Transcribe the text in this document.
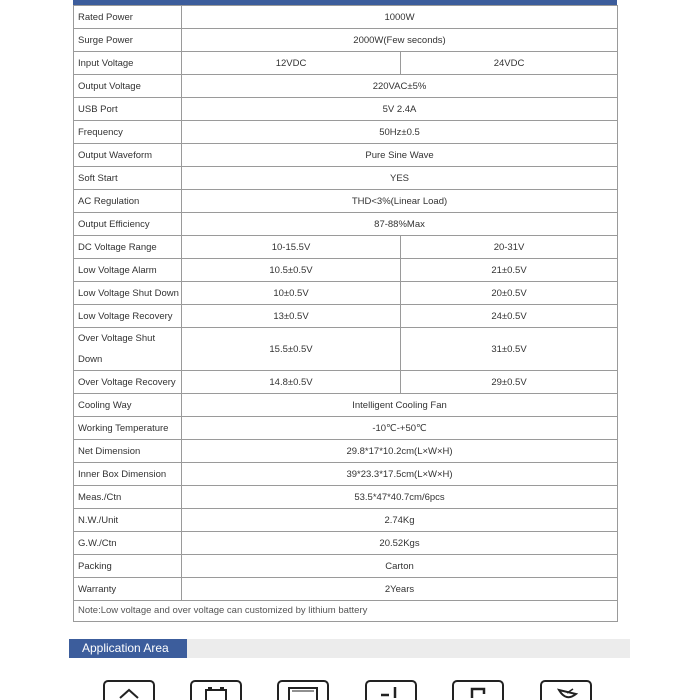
Rated Power	1000W	
Surge Power	2000W(Few seconds)	
Input Voltage	12VDC	24VDC
Output Voltage	220VAC±5%	
USB Port	5V 2.4A	
Frequency	50Hz±0.5	
Output Waveform	Pure Sine Wave	
Soft Start	YES	
AC Regulation	THD<3%(Linear Load)	
Output Efficiency	87-88%Max	
DC Voltage Range	10-15.5V	20-31V
Low Voltage Alarm	10.5±0.5V	21±0.5V
Low Voltage Shut Down	10±0.5V	20±0.5V
Low Voltage Recovery	13±0.5V	24±0.5V
Over Voltage Shut Down	15.5±0.5V	31±0.5V
Over Voltage Recovery	14.8±0.5V	29±0.5V
Cooling Way	Intelligent Cooling Fan	
Working Temperature	-10℃-+50℃	
Net Dimension	29.8*17*10.2cm(L×W×H)	
Inner Box Dimension	39*23.3*17.5cm(L×W×H)	
Meas./Ctn	53.5*47*40.7cm/6pcs	
N.W./Unit	2.74Kg	
G.W./Ctn	20.52Kgs	
Packing	Carton	
Warranty	2Years	
Note:Low voltage and over voltage can customized by lithium battery		
Application Area
